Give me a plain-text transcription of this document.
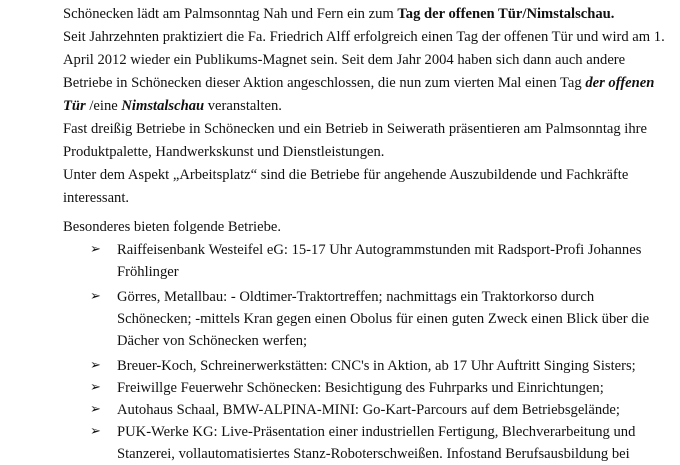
Schönecken lädt am Palmsonntag Nah und Fern ein zum Tag der offenen Tür/Nimstalschau.

Seit Jahrzehnten praktiziert die Fa. Friedrich Alff erfolgreich einen Tag der offenen Tür und wird am 1. April 2012 wieder ein Publikums-Magnet sein. Seit dem Jahr 2004 haben sich dann auch andere Betriebe in Schönecken dieser Aktion angeschlossen, die nun zum vierten Mal einen Tag der offenen Tür /eine Nimstalschau veranstalten.

Fast dreißig Betriebe in Schönecken und ein Betrieb in Seiwerath präsentieren am Palmsonntag ihre Produktpalette, Handwerkskunst und Dienstleistungen.

Unter dem Aspekt „Arbeitsplatz“ sind die Betriebe für angehende Auszubildende und Fachkräfte interessant.

Besonderes bieten folgende Betriebe.

➢	Raiffeisenbank Westeifel eG: 15-17 Uhr Autogrammstunden mit Radsport-Profi Johannes Fröhlinger
➢	Görres, Metallbau: - Oldtimer-Traktortreffen; nachmittags ein Traktorkorso durch Schönecken; -mittels Kran gegen einen Obolus für einen guten Zweck einen Blick über die Dächer von Schönecken werfen;
➢	Breuer-Koch, Schreinerwerkstätten: CNC's in Aktion, ab 17 Uhr Auftritt Singing Sisters;
➢	Freiwillge Feuerwehr Schönecken: Besichtigung des Fuhrparks und Einrichtungen;
➢	Autohaus Schaal, BMW-ALPINA-MINI: Go-Kart-Parcours auf dem Betriebsgelände;
➢	PUK-Werke KG: Live-Präsentation einer industriellen Fertigung, Blechverarbeitung und Stanzerei, vollautomatisiertes Stanz-Roboterschweißen. Infostand Berufsausbildung bei
